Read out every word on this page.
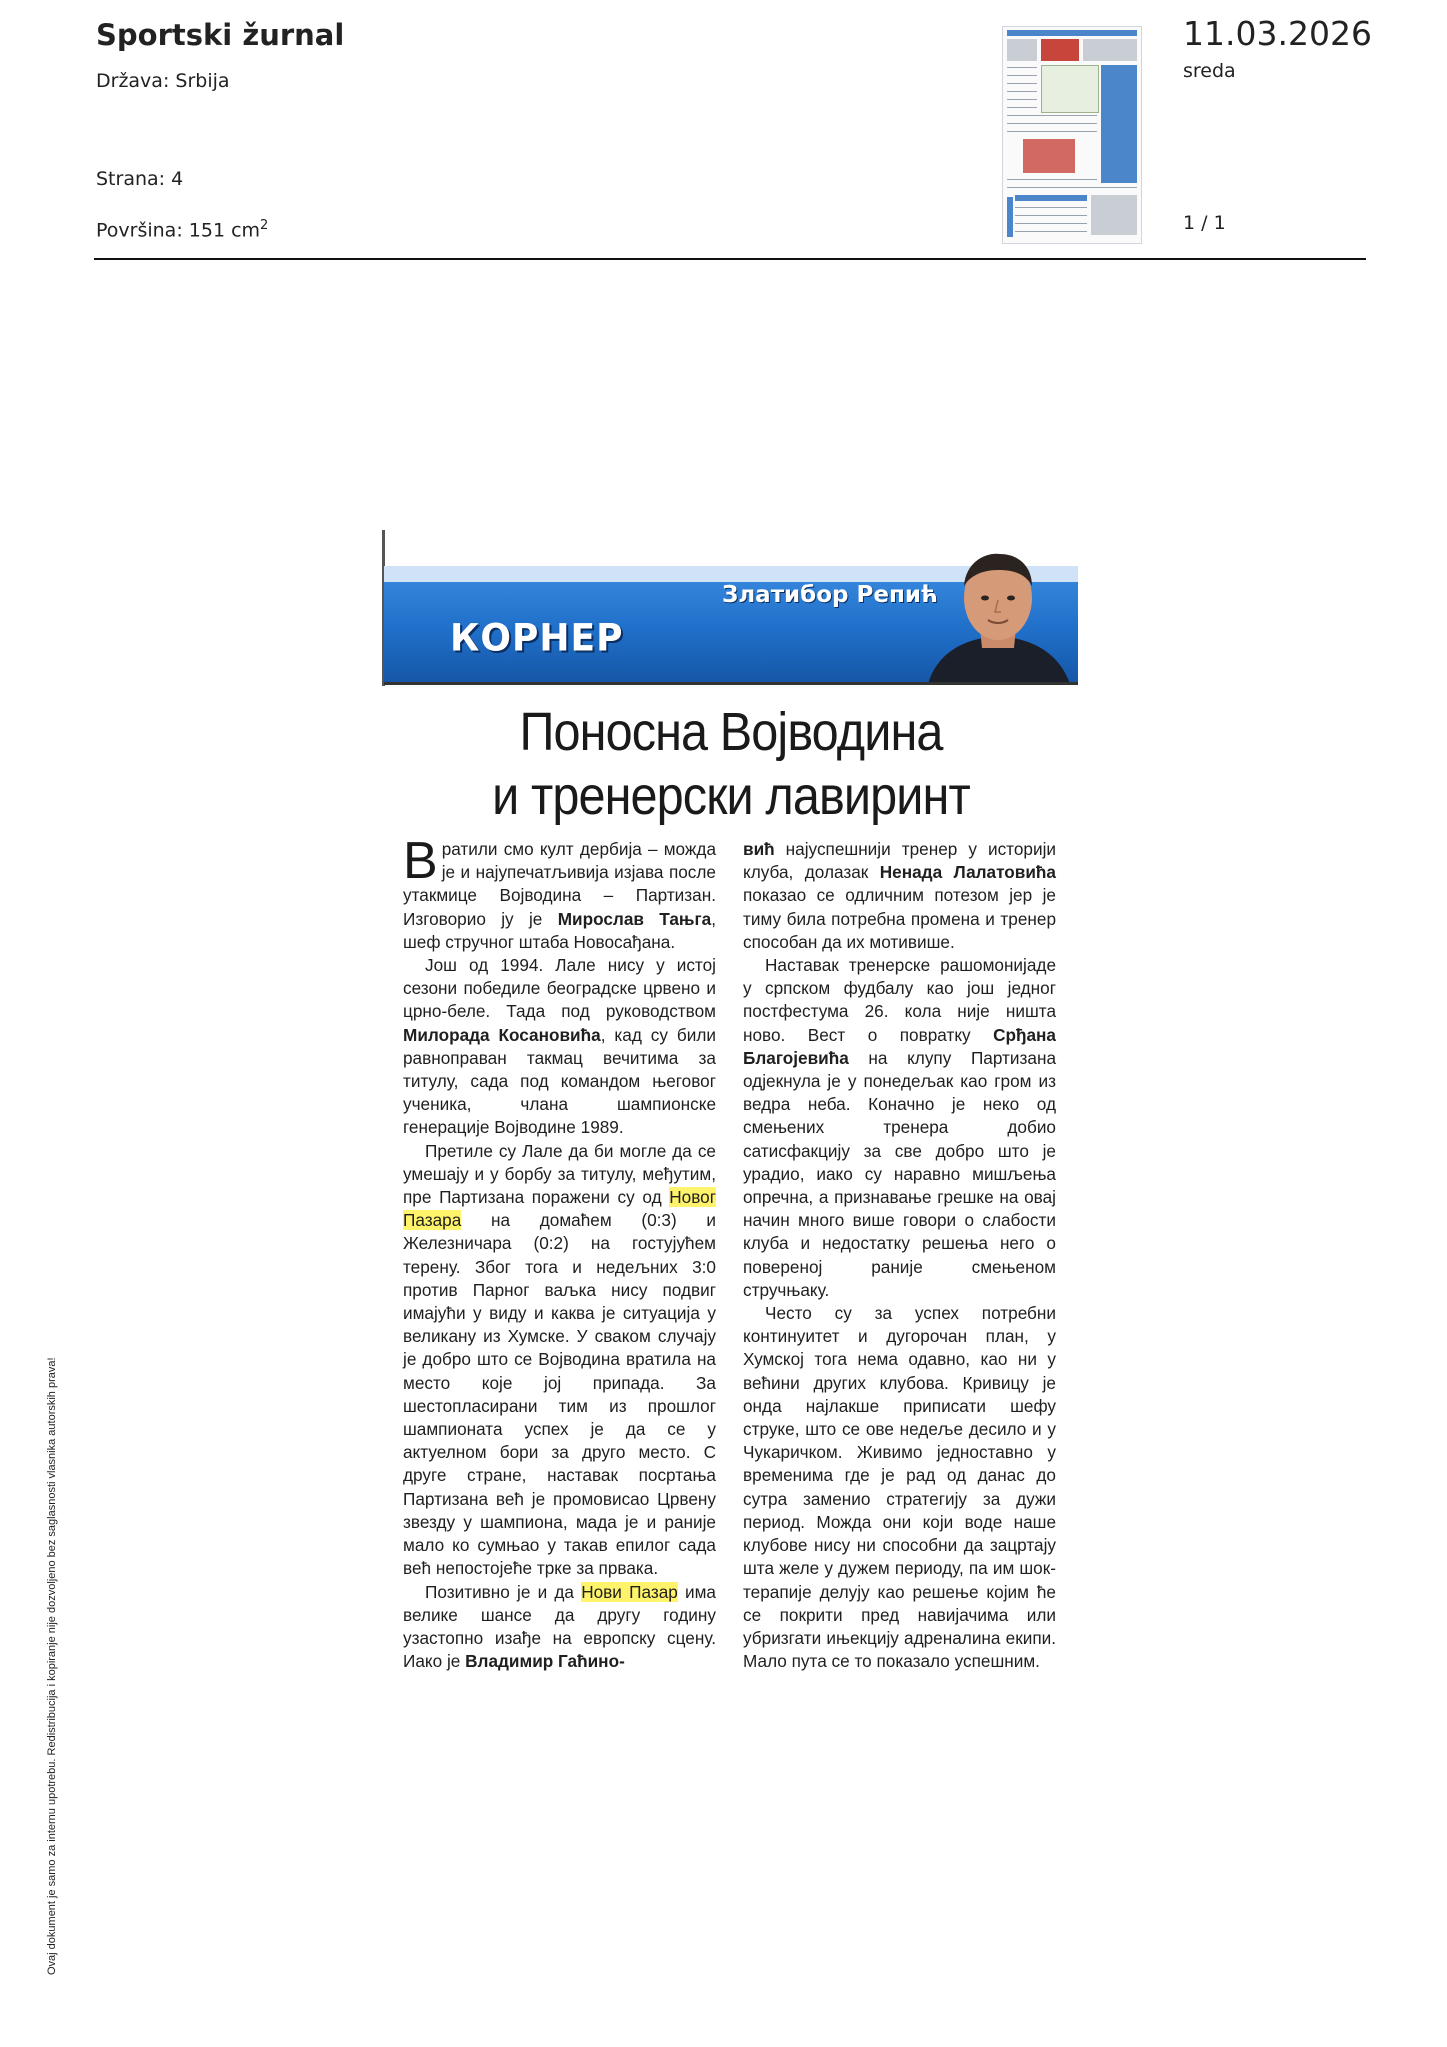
Sportski žurnal
Država: Srbija
Strana: 4
Površina: 151 $cm^2$
11.03.2026
sreda
1 / 1
Ovaj dokument je samo za internu upotrebu. Redistribucija i kopiranje nije dozvoljeno bez saglasnosti vlasnika autorskih prava!
Златибор Репић
КОРНЕР
Поносна Војводина
и тренерски лавиринт

Вратили смо култ дербија – можда је и најупечатљивија изјава после утакмице Војводина – Партизан. Изговорио ју је Мирослав Тањга, шеф стручног штаба Новосађана.

Још од 1994. Лале нису у истој сезони победиле београдске црвено и црно-беле. Тада под руководством Милорада Косановића, кад су били равноправан такмац вечитима за титулу, сада под командом његовог ученика, члана шампионске генерације Војводине 1989.

Претиле су Лале да би могле да се умешају и у борбу за титулу, међутим, пре Партизана поражени су од Новог Пазара на домаћем (0:3) и Железничара (0:2) на гостујућем терену. Због тога и недељних 3:0 против Парног ваљка нису подвиг имајући у виду и каква је ситуација у великану из Хумске. У сваком случају је добро што се Војводина вратила на место које јој припада. За шестопласирани тим из прошлог шампионата успех је да се у актуелном бори за друго место. С друге стране, наставак посртања Партизана већ је промовисао Црвену звезду у шампиона, мада је и раније мало ко сумњао у такав епилог сада већ непостојеће трке за првака.

Позитивно је и да Нови Пазар има велике шансе да другу годину узастопно изађе на европску сцену. Иако је Владимир Гаћино-

вић најуспешнији тренер у историји клуба, долазак Ненада Лалатовића показао се одличним потезом јер је тиму била потребна промена и тренер способан да их мотивише.

Наставак тренерске рашомонијаде у српском фудбалу као још једног постфестума 26. кола није ништа ново. Вест о повратку Срђана Благојевића на клупу Партизана одјекнула је у понедељак као гром из ведра неба. Коначно је неко од смењених тренера добио сатисфакцију за све добро што је урадио, иако су наравно мишљења опречна, а признавање грешке на овај начин много више говори о слабости клуба и недостатку решења него о повереној раније смењеном стручњаку.

Често су за успех потребни континуитет и дугорочан план, у Хумској тога нема одавно, као ни у већини других клубова. Кривицу је онда најлакше приписати шефу струке, што се ове недеље десило и у Чукаричком. Живимо једноставно у временима где је рад од данас до сутра заменио стратегију за дужи период. Можда они који воде наше клубове нису ни способни да зацртају шта желе у дужем периоду, па им шок-терапије делују као решење којим ће се покрити пред навијачима или убризгати ињекцију адреналина екипи. Мало пута се то показало успешним.
